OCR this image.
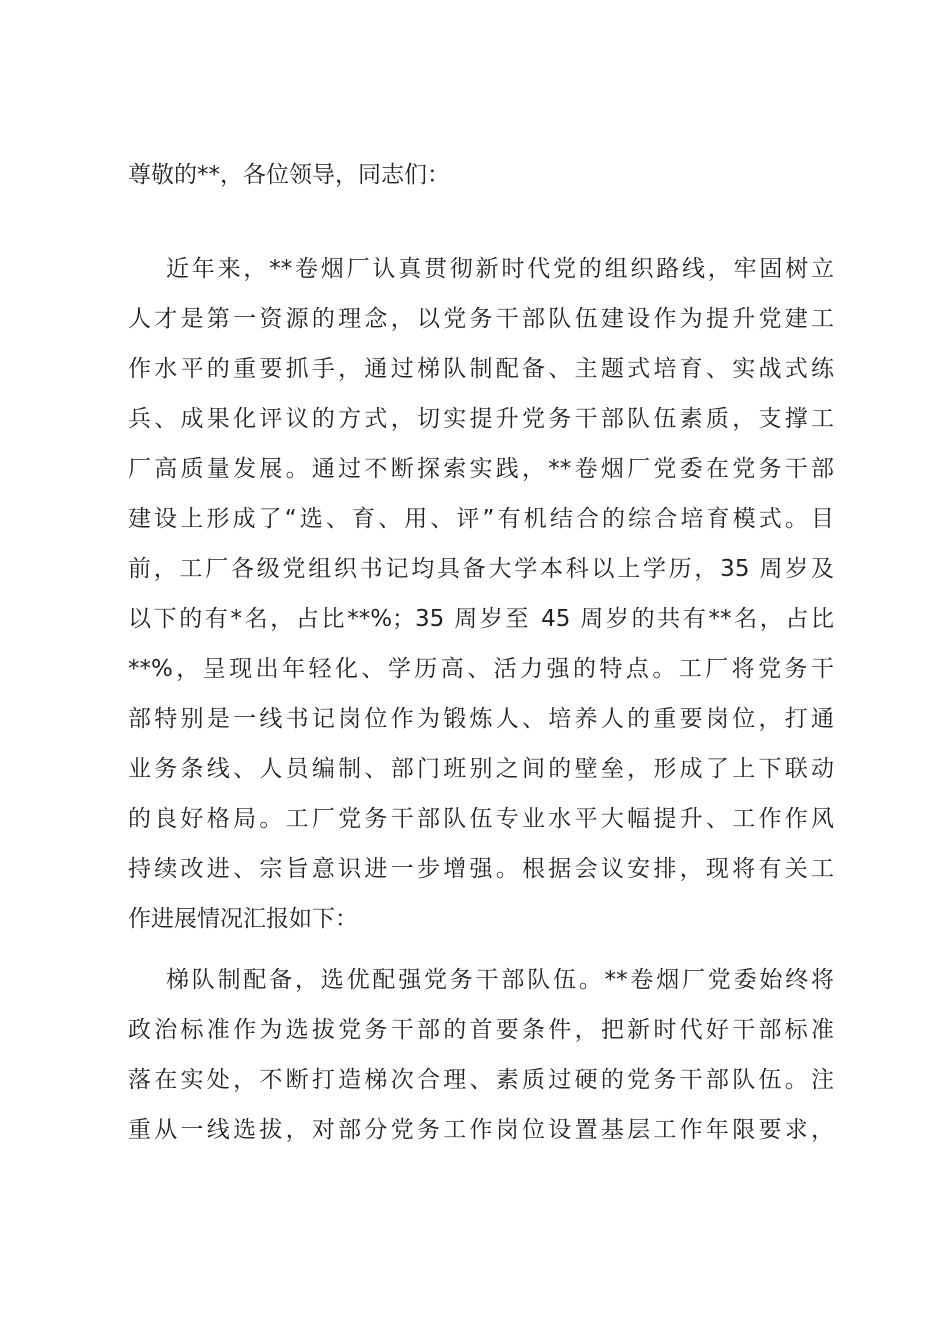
尊敬的**，各位领导，同志们：
近年来，**卷烟厂认真贯彻新时代党的组织路线，牢固树立
人才是第一资源的理念，以党务干部队伍建设作为提升党建工
作水平的重要抓手，通过梯队制配备、主题式培育、实战式练
兵、成果化评议的方式，切实提升党务干部队伍素质，支撑工
厂高质量发展。通过不断探索实践，**卷烟厂党委在党务干部
建设上形成了“选、育、用、评”有机结合的综合培育模式。目
前，工厂各级党组织书记均具备大学本科以上学历，35 周岁及
以下的有*名，占比**%；35 周岁至 45 周岁的共有**名，占比
**%，呈现出年轻化、学历高、活力强的特点。工厂将党务干
部特别是一线书记岗位作为锻炼人、培养人的重要岗位，打通
业务条线、人员编制、部门班别之间的壁垒，形成了上下联动
的良好格局。工厂党务干部队伍专业水平大幅提升、工作作风
持续改进、宗旨意识进一步增强。根据会议安排，现将有关工
作进展情况汇报如下：
梯队制配备，选优配强党务干部队伍。**卷烟厂党委始终将
政治标准作为选拔党务干部的首要条件，把新时代好干部标准
落在实处，不断打造梯次合理、素质过硬的党务干部队伍。注
重从一线选拔，对部分党务工作岗位设置基层工作年限要求，
